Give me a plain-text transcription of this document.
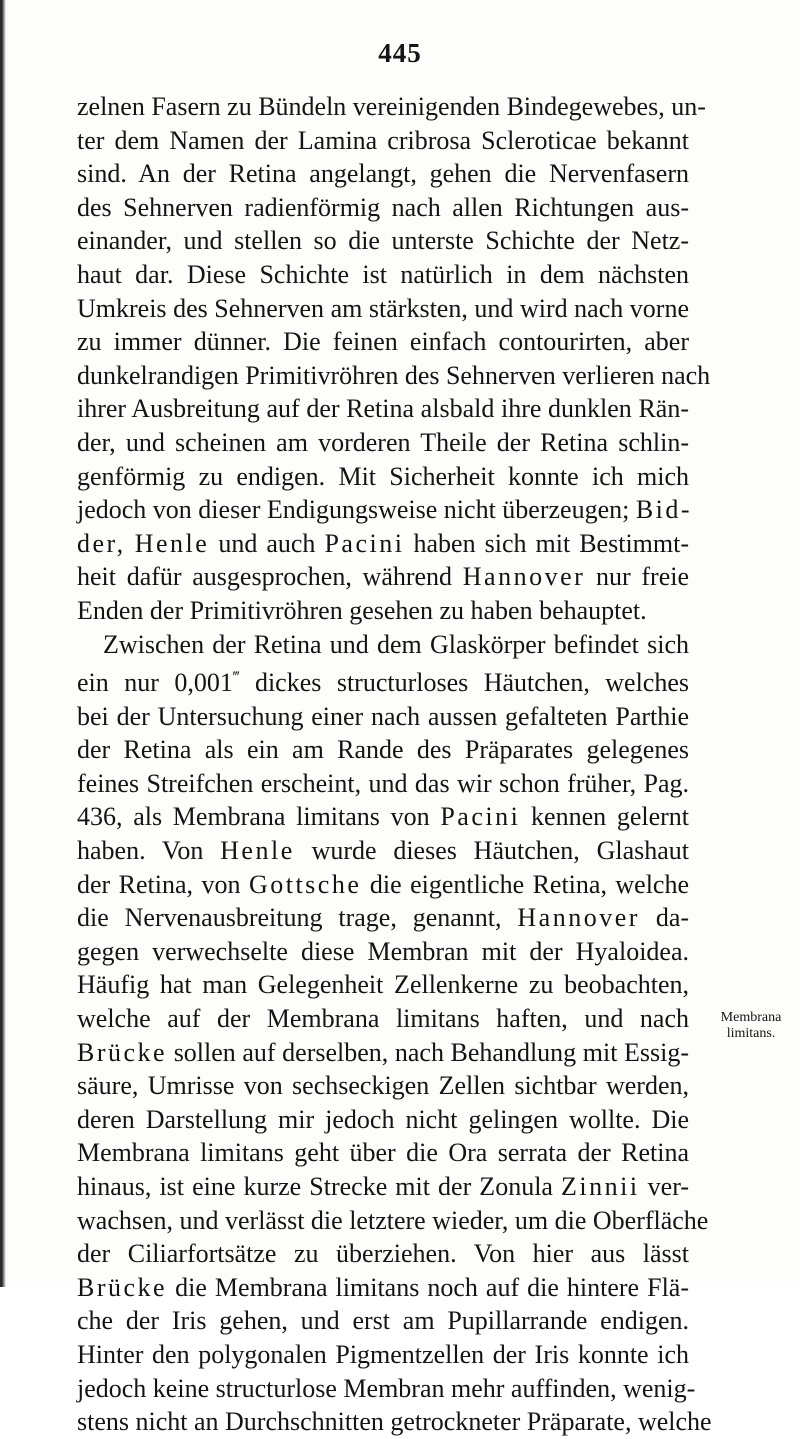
445

zelnen Fasern zu Bündeln vereinigenden Bindegewebes, un-
ter dem Namen der Lamina cribrosa Scleroticae bekannt
sind. An der Retina angelangt, gehen die Nervenfasern
des Sehnerven radienförmig nach allen Richtungen aus-
einander, und stellen so die unterste Schichte der Netz-
haut dar. Diese Schichte ist natürlich in dem nächsten
Umkreis des Sehnerven am stärksten, und wird nach vorne
zu immer dünner. Die feinen einfach contourirten, aber
dunkelrandigen Primitivröhren des Sehnerven verlieren nach
ihrer Ausbreitung auf der Retina alsbald ihre dunklen Rän-
der, und scheinen am vorderen Theile der Retina schlin-
genförmig zu endigen. Mit Sicherheit konnte ich mich
jedoch von dieser Endigungsweise nicht überzeugen; Bid-
der, Henle und auch Pacini haben sich mit Bestimmt-
heit dafür ausgesprochen, während Hannover nur freie
Enden der Primitivröhren gesehen zu haben behauptet.
Zwischen der Retina und dem Glaskörper befindet sich
ein nur 0,001‴ dickes structurloses Häutchen, welches
bei der Untersuchung einer nach aussen gefalteten Parthie
der Retina als ein am Rande des Präparates gelegenes
feines Streifchen erscheint, und das wir schon früher, Pag.
436, als Membrana limitans von Pacini kennen gelernt
haben. Von Henle wurde dieses Häutchen, Glashaut
der Retina, von Gottsche die eigentliche Retina, welche
die Nervenausbreitung trage, genannt, Hannover da-
gegen verwechselte diese Membran mit der Hyaloidea.
Häufig hat man Gelegenheit Zellenkerne zu beobachten,
welche auf der Membrana limitans haften, und nach
Brücke sollen auf derselben, nach Behandlung mit Essig-
säure, Umrisse von sechseckigen Zellen sichtbar werden,
deren Darstellung mir jedoch nicht gelingen wollte. Die
Membrana limitans geht über die Ora serrata der Retina
hinaus, ist eine kurze Strecke mit der Zonula Zinnii ver-
wachsen, und verlässt die letztere wieder, um die Oberfläche
der Ciliarfortsätze zu überziehen. Von hier aus lässt
Brücke die Membrana limitans noch auf die hintere Flä-
che der Iris gehen, und erst am Pupillarrande endigen.
Hinter den polygonalen Pigmentzellen der Iris konnte ich
jedoch keine structurlose Membran mehr auffinden, wenig-
stens nicht an Durchschnitten getrockneter Präparate, welche

Membrana
limitans.
